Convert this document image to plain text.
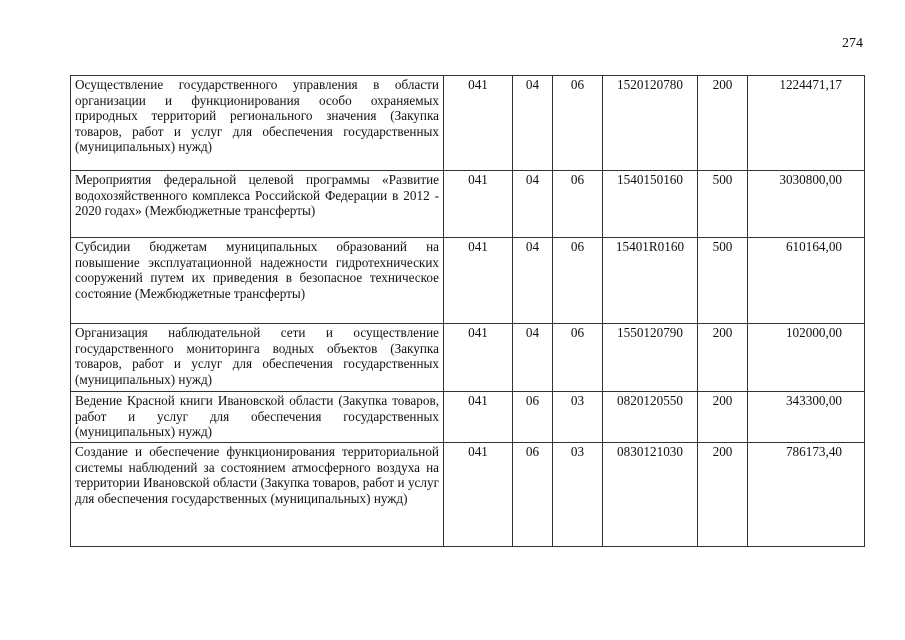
274
Осуществление государственного управления в области организации и функционирования особо охраняемых природных территорий регионального значения (Закупка товаров, работ и услуг для обеспечения государственных (муниципальных) нужд)	041	04	06	1520120780	200	1224471,17
Мероприятия федеральной целевой программы «Развитие водохозяйственного комплекса Российской Федерации в 2012 - 2020 годах» (Межбюджетные трансферты)	041	04	06	1540150160	500	3030800,00
Субсидии бюджетам муниципальных образований на повышение эксплуатационной надежности гидротехнических сооружений путем их приведения в безопасное техническое состояние (Межбюджетные трансферты)	041	04	06	15401R0160	500	610164,00
Организация наблюдательной сети и осуществление государственного мониторинга водных объектов (Закупка товаров, работ и услуг для обеспечения государственных (муниципальных) нужд)	041	04	06	1550120790	200	102000,00
Ведение Красной книги Ивановской области (Закупка товаров, работ и услуг для обеспечения государственных (муниципальных) нужд)	041	06	03	0820120550	200	343300,00
Создание и обеспечение функционирования территориальной системы наблюдений за состоянием атмосферного воздуха на территории Ивановской области (Закупка товаров, работ и услуг для обеспечения государственных (муниципальных) нужд)	041	06	03	0830121030	200	786173,40
